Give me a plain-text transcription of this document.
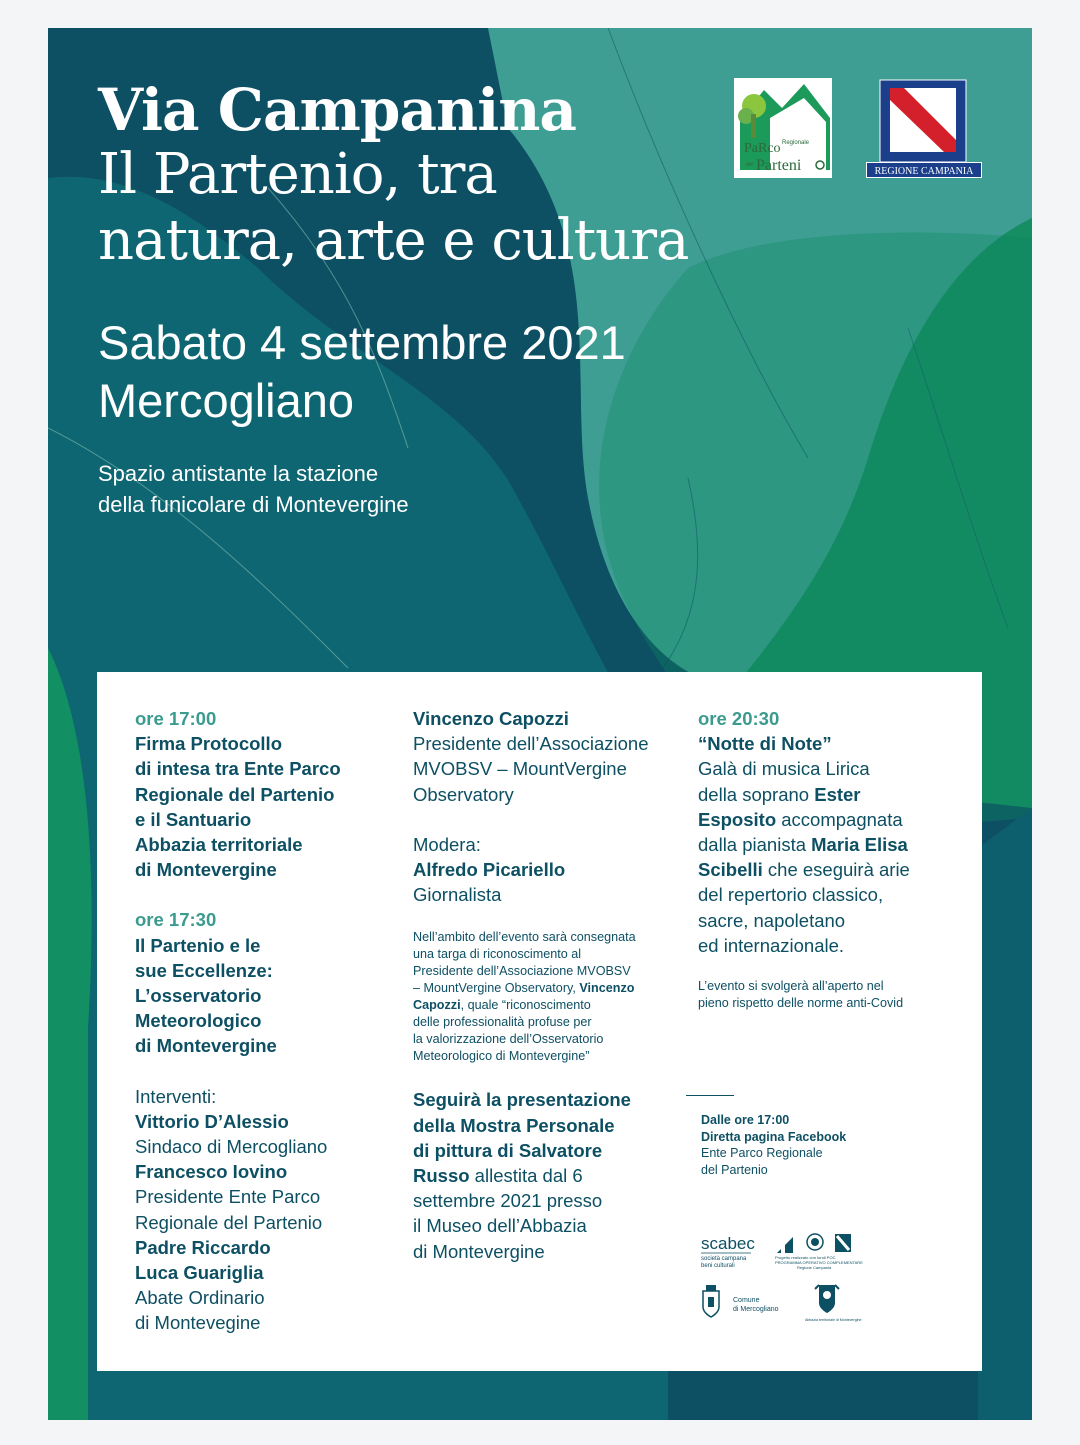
Via Campanina
Il Partenio, tra
natura, arte e cultura
Sabato 4 settembre 2021
Mercogliano
Spazio antistante la stazione
della funicolare di Montevergine
PaRco Regionale
del Parteni	REGIONE CAMPANIA
ore 17:00
Firma Protocollo
di intesa tra Ente Parco
Regionale del Partenio
e il Santuario
Abbazia territoriale
di Montevergine
ore 17:30
Il Partenio e le
sue Eccellenze:
L’osservatorio
Meteorologico
di Montevergine
Interventi:
Vittorio D’Alessio
Sindaco di Mercogliano
Francesco Iovino
Presidente Ente Parco
Regionale del Partenio
Padre Riccardo
Luca Guariglia
Abate Ordinario
di Montevegine
Vincenzo Capozzi
Presidente dell’Associazione
MVOBSV – MountVergine
Observatory
Modera:
Alfredo Picariello
Giornalista
Nell’ambito dell’evento sarà consegnata
una targa di riconoscimento al
Presidente dell’Associazione MVOBSV
– MountVergine Observatory, Vincenzo
Capozzi, quale “riconoscimento
delle professionalità profuse per
la valorizzazione dell’Osservatorio
Meteorologico di Montevergine”
Seguirà la presentazione
della Mostra Personale
di pittura di Salvatore
Russo allestita dal 6
settembre 2021 presso
il Museo dell’Abbazia
di Montevergine
ore 20:30
“Notte di Note”
Galà di musica Lirica
della soprano Ester
Esposito accompagnata
dalla pianista Maria Elisa
Scibelli che eseguirà arie
del repertorio classico,
sacre, napoletano
ed internazionale.
L’evento si svolgerà all’aperto nel
pieno rispetto delle norme anti-Covid
Dalle ore 17:00
Diretta pagina Facebook
Ente Parco Regionale
del Partenio
scabec
società campana
beni culturali
Progetto realizzato con fondi POC
PROGRAMMA OPERATIVO COMPLEMENTARE
Regione Campania
Comune
di Mercogliano
Abbazia territoriale di Montevergine
